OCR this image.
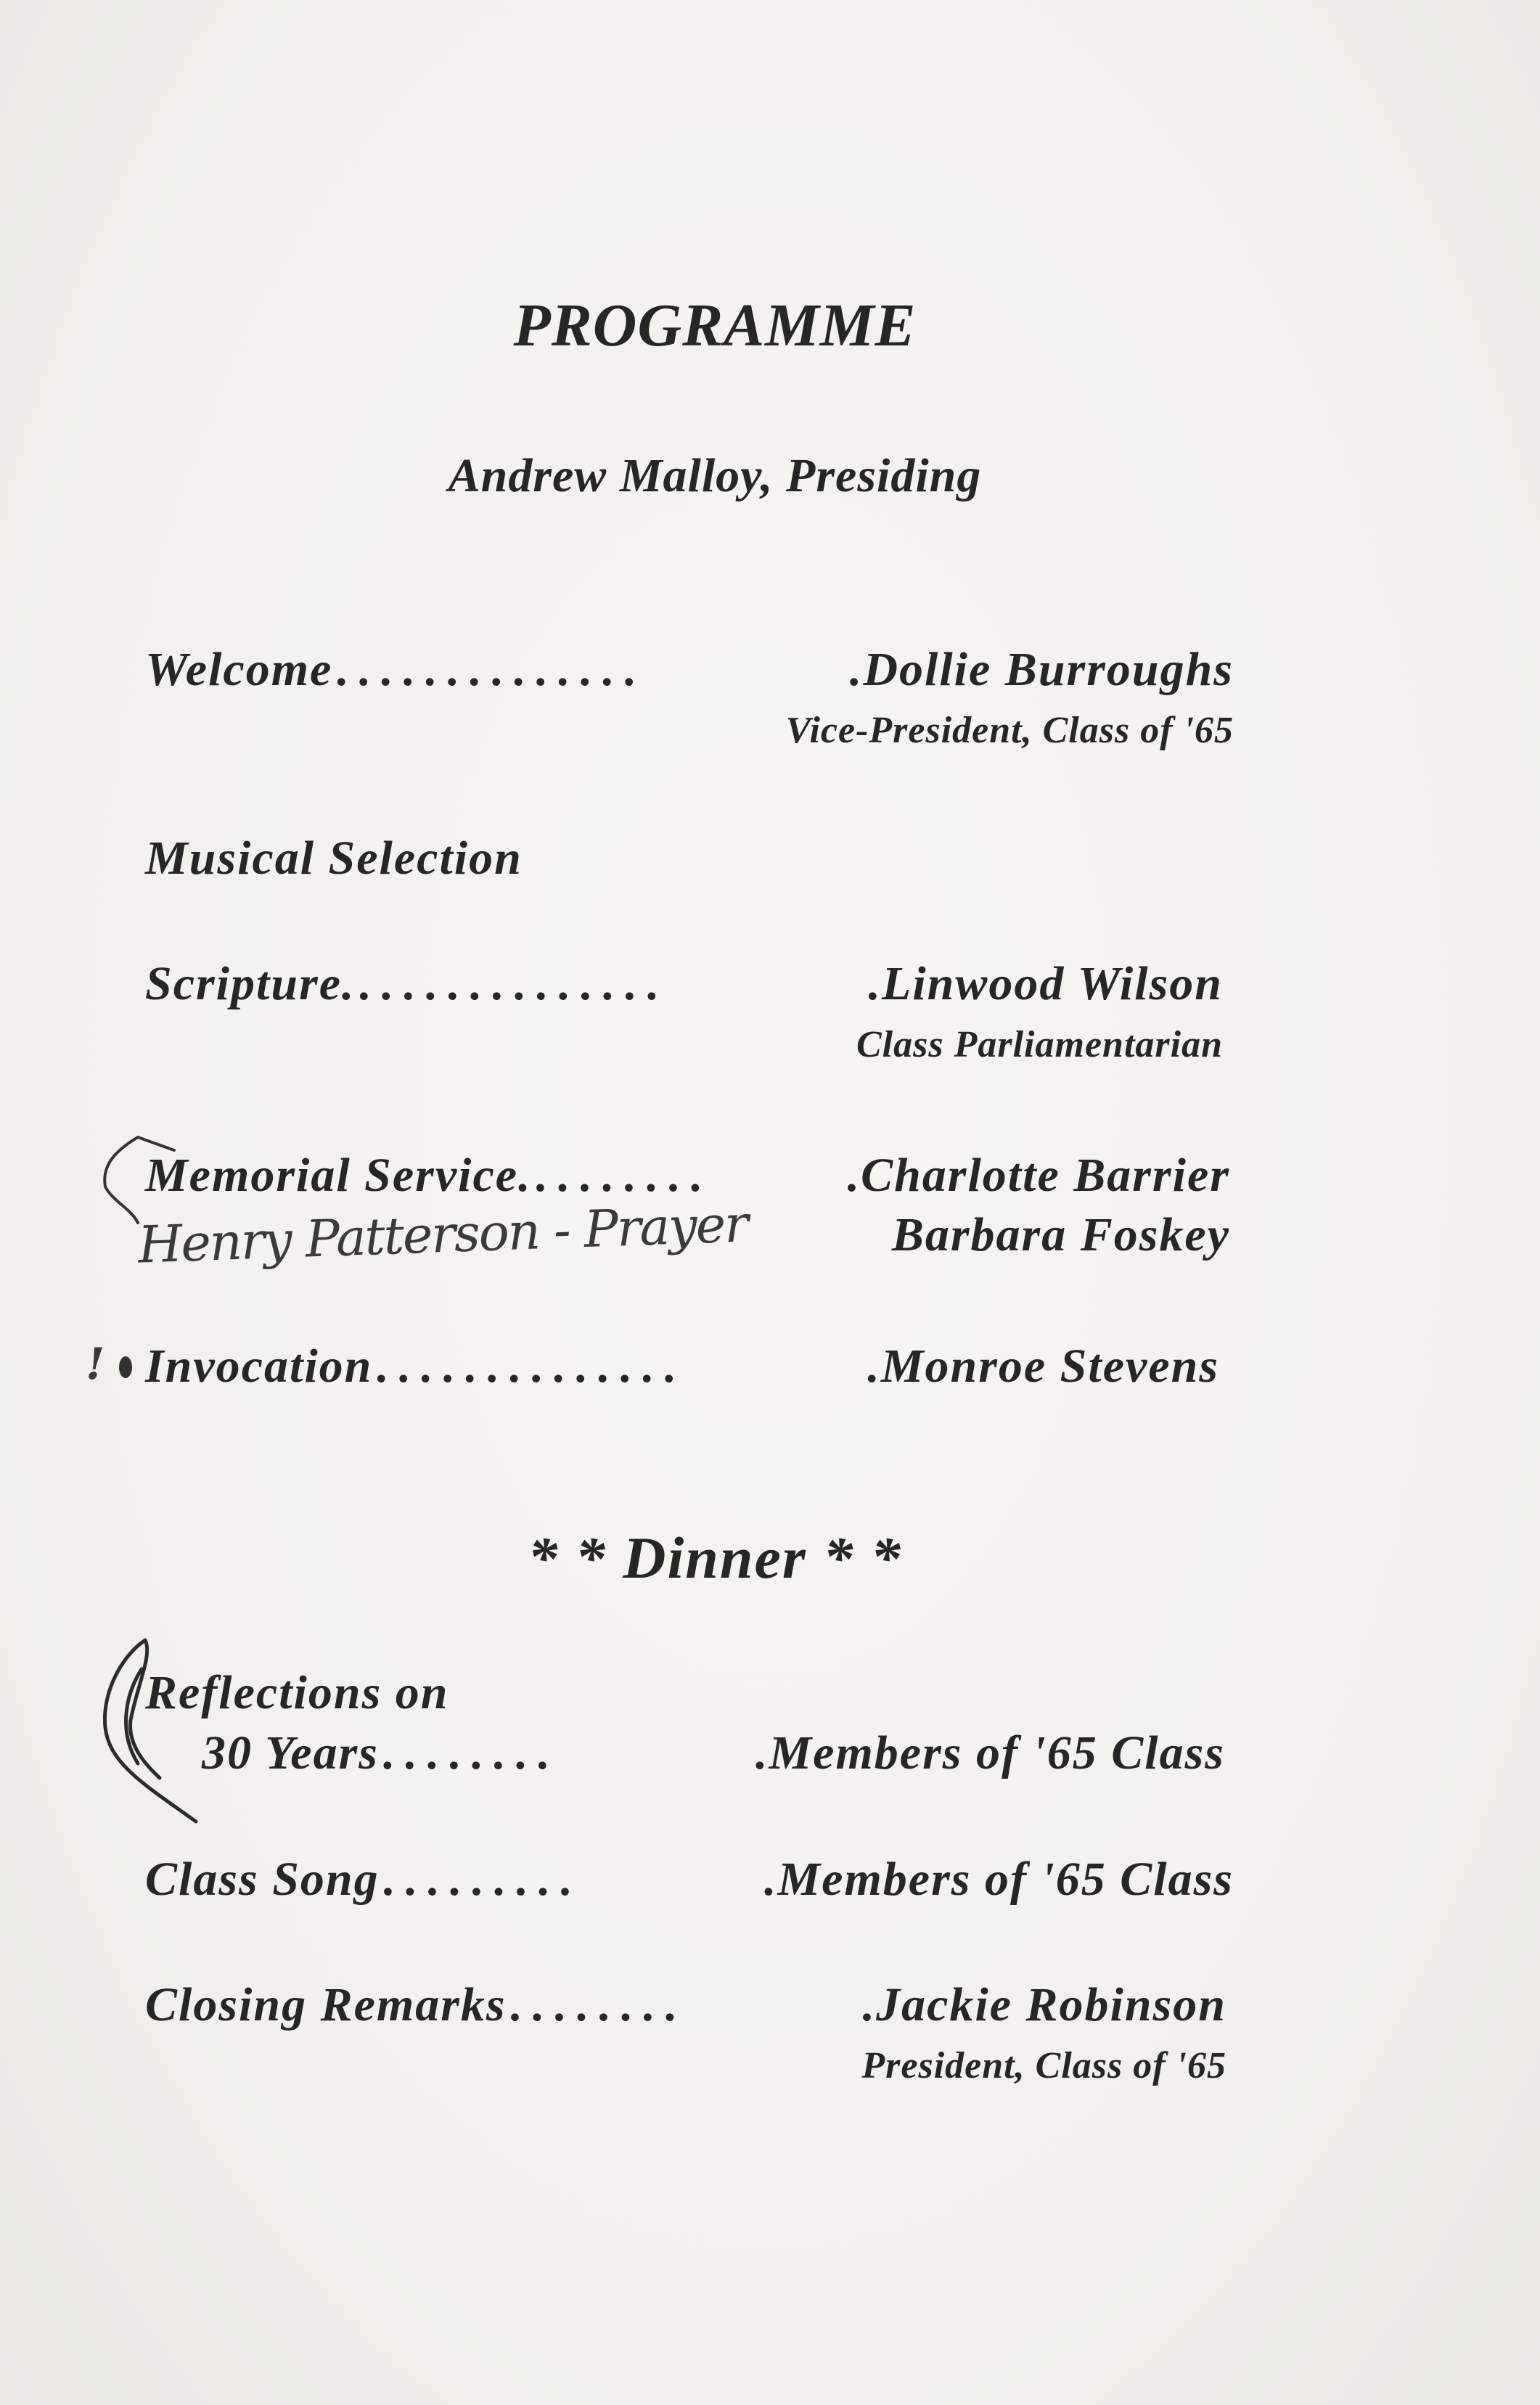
PROGRAMME
Andrew Malloy, Presiding
Welcome ..............	.Dollie Burroughs
Vice-President, Class of '65
Musical Selection
Scripture. ..............	.Linwood Wilson
Class Parliamentarian
Memorial Service. ........	.Charlotte Barrier
Barbara Foskey
Invocation ..............	.Monroe Stevens
* * Dinner * *
Reflections on
30 Years ........	.Members of '65 Class
Class Song .........	.Members of '65 Class
Closing Remarks ........	.Jackie Robinson
President, Class of '65
Henry Patterson - Prayer
!
